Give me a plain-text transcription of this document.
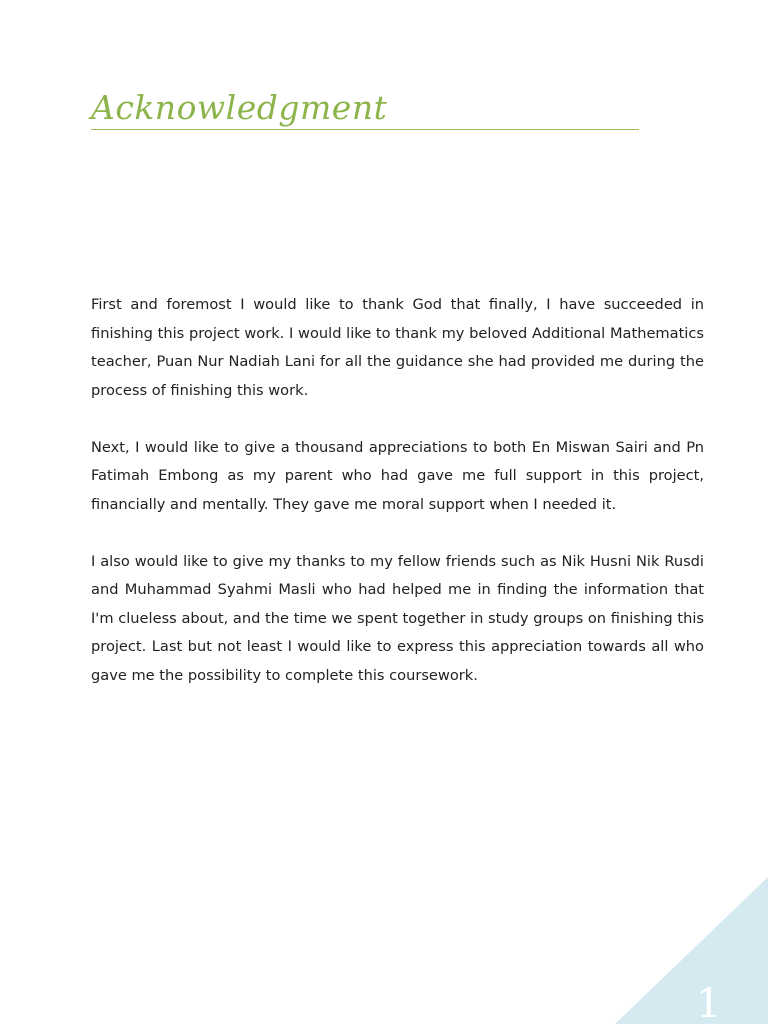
Acknowledgment

First and foremost I would like to thank God that finally, I have succeeded in finishing this project work. I would like to thank my beloved Additional Mathematics teacher, Puan Nur Nadiah Lani for all the guidance she had provided me during the process of finishing this work.

Next, I would like to give a thousand appreciations to both En Miswan Sairi and Pn Fatimah Embong as my parent who had gave me full support in this project, financially and mentally. They gave me moral support when I needed it.

I also would like to give my thanks to my fellow friends such as Nik Husni Nik Rusdi and Muhammad Syahmi Masli who had helped me in finding the information that I'm clueless about, and the time we spent together in study groups on finishing this project. Last but not least I would like to express this appreciation towards all who gave me the possibility to complete this coursework.

1
